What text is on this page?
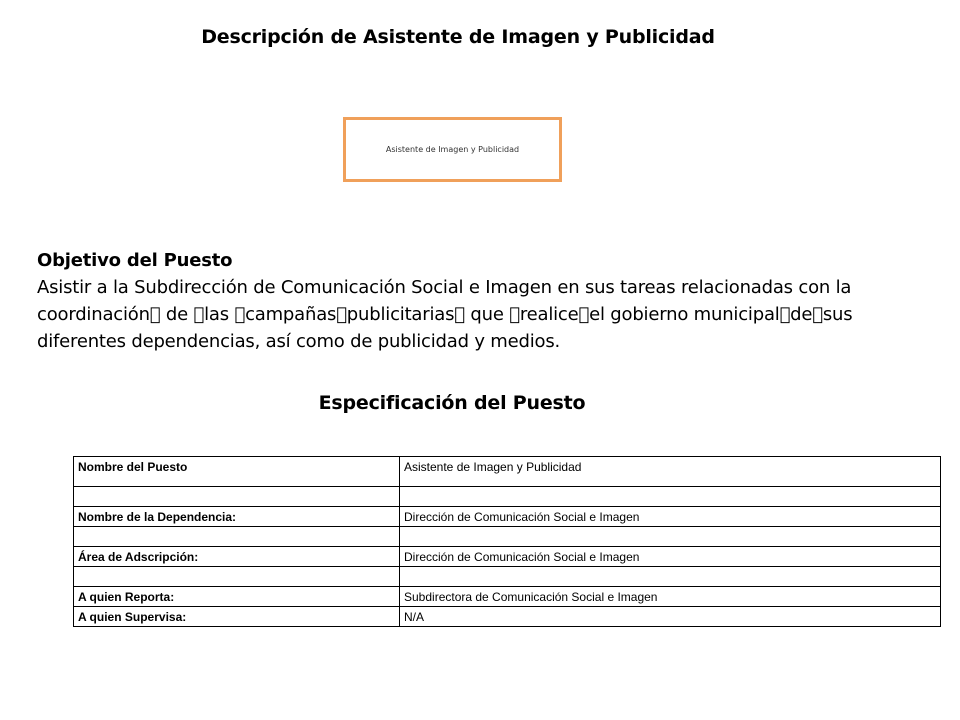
Descripción de Asistente de Imagen y Publicidad
Asistente de Imagen y Publicidad
Objetivo del Puesto
Asistir a la Subdirección de Comunicación Social e Imagen en sus tareas relacionadas con la coordinación  de  las  campañas publicitarias  que  realice el gobierno municipal de sus diferentes dependencias, así como de publicidad y medios.
Especificación del Puesto
Nombre del Puesto	Asistente de Imagen y Publicidad

Nombre de la Dependencia:	Dirección de Comunicación Social e Imagen

Área de Adscripción:	Dirección de Comunicación Social e Imagen

A quien Reporta:	Subdirectora de Comunicación Social e Imagen
A quien Supervisa:	N/A
